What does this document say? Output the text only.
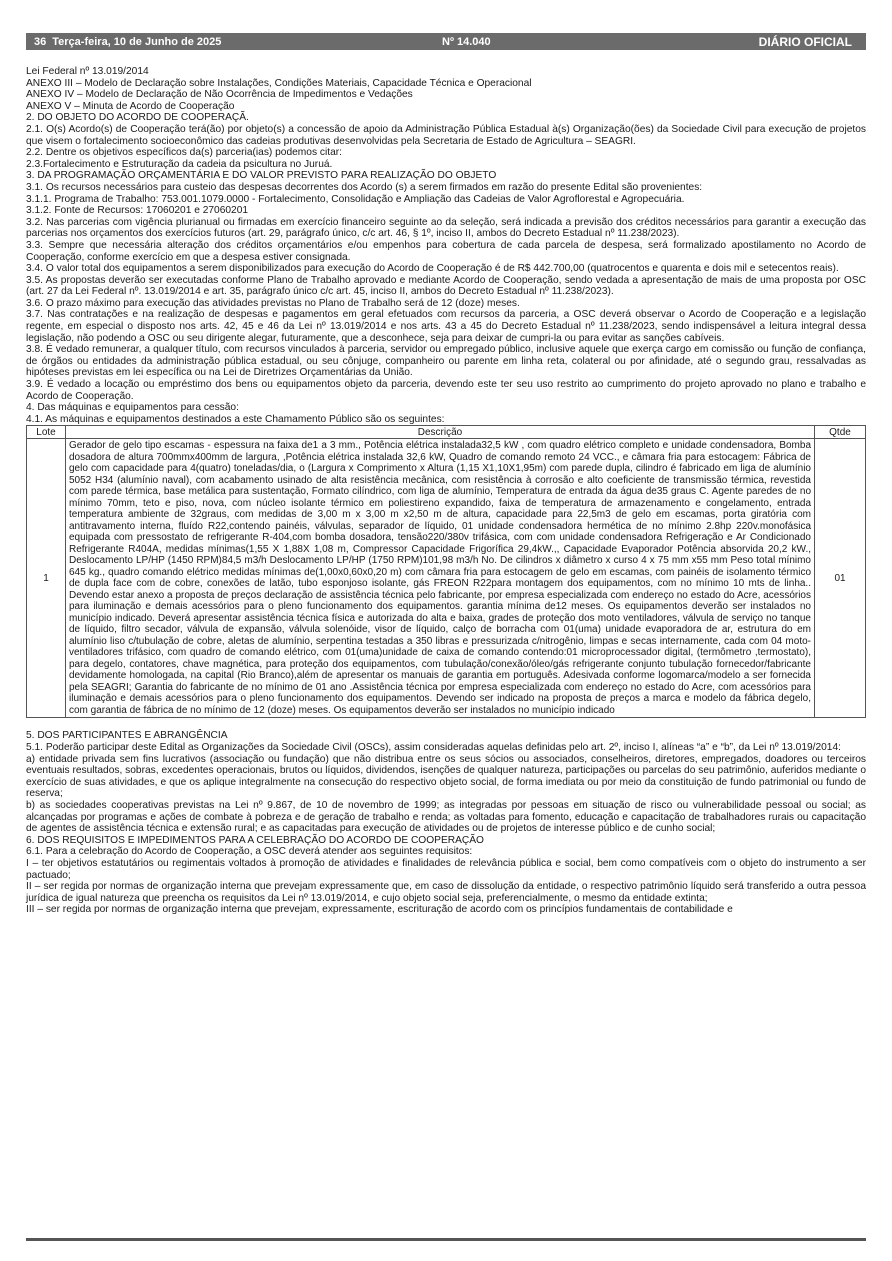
36 Terça-feira, 10 de Junho de 2025	Nº 14.040	DIÁRIO OFICIAL

Lei Federal nº 13.019/2014

ANEXO III – Modelo de Declaração sobre Instalações, Condições Materiais, Capacidade Técnica e Operacional

ANEXO IV – Modelo de Declaração de Não Ocorrência de Impedimentos e Vedações

ANEXO V – Minuta de Acordo de Cooperação

2. DO OBJETO DO ACORDO DE COOPERAÇÃ.

2.1. O(s) Acordo(s) de Cooperação terá(ão) por objeto(s) a concessão de apoio da Administração Pública Estadual à(s) Organização(ões) da Sociedade Civil para execução de projetos que visem o fortalecimento socioeconômico das cadeias produtivas desenvolvidas pela Secretaria de Estado de Agricultura – SEAGRI.

2.2. Dentre os objetivos específicos da(s) parceria(ias) podemos citar:

2.3.Fortalecimento e Estruturação da cadeia da psicultura no Juruá.

3. DA PROGRAMAÇÃO ORÇAMENTÁRIA E DO VALOR PREVISTO PARA REALIZAÇÃO DO OBJETO

3.1. Os recursos necessários para custeio das despesas decorrentes dos Acordo (s) a serem firmados em razão do presente Edital são provenientes:

3.1.1. Programa de Trabalho: 753.001.1079.0000 - Fortalecimento, Consolidação e Ampliação das Cadeias de Valor Agroflorestal e Agropecuária.

3.1.2. Fonte de Recursos: 17060201 e 27060201

3.2. Nas parcerias com vigência plurianual ou firmadas em exercício financeiro seguinte ao da seleção, será indicada a previsão dos créditos necessários para garantir a execução das parcerias nos orçamentos dos exercícios futuros (art. 29, parágrafo único, c/c art. 46, § 1º, inciso II, ambos do Decreto Estadual nº 11.238/2023).

3.3. Sempre que necessária alteração dos créditos orçamentários e/ou empenhos para cobertura de cada parcela de despesa, será formalizado apostilamento no Acordo de Cooperação, conforme exercício em que a despesa estiver consignada.

3.4. O valor total dos equipamentos a serem disponibilizados para execução do Acordo de Cooperação é de R$ 442.700,00 (quatrocentos e quarenta e dois mil e setecentos reais).

3.5. As propostas deverão ser executadas conforme Plano de Trabalho aprovado e mediante Acordo de Cooperação, sendo vedada a apresentação de mais de uma proposta por OSC (art. 27 da Lei Federal nº. 13.019/2014 e art. 35, parágrafo único c/c art. 45, inciso II, ambos do Decreto Estadual nº 11.238/2023).

3.6. O prazo máximo para execução das atividades previstas no Plano de Trabalho será de 12 (doze) meses.

3.7. Nas contratações e na realização de despesas e pagamentos em geral efetuados com recursos da parceria, a OSC deverá observar o Acordo de Cooperação e a legislação regente, em especial o disposto nos arts. 42, 45 e 46 da Lei nº 13.019/2014 e nos arts. 43 a 45 do Decreto Estadual nº 11.238/2023, sendo indispensável a leitura integral dessa legislação, não podendo a OSC ou seu dirigente alegar, futuramente, que a desconhece, seja para deixar de cumpri-la ou para evitar as sanções cabíveis.

3.8. É vedado remunerar, a qualquer título, com recursos vinculados à parceria, servidor ou empregado público, inclusive aquele que exerça cargo em comissão ou função de confiança, de órgãos ou entidades da administração pública estadual, ou seu cônjuge, companheiro ou parente em linha reta, colateral ou por afinidade, até o segundo grau, ressalvadas as hipóteses previstas em lei específica ou na Lei de Diretrizes Orçamentárias da União.

3.9. É vedado a locação ou empréstimo dos bens ou equipamentos objeto da parceria, devendo este ter seu uso restrito ao cumprimento do projeto aprovado no plano e trabalho e Acordo de Cooperação.

4. Das máquinas e equipamentos para cessão:

4.1. As máquinas e equipamentos destinados a este Chamamento Público são os seguintes:

Lote	Descrição	Qtde
1	Gerador de gelo tipo escamas - espessura na faixa de1 a 3 mm., Potência elétrica instalada32,5 kW , com quadro elétrico completo e unidade condensadora, Bomba dosadora de altura 700mmx400mm de largura, ,Potência elétrica instalada 32,6 kW, Quadro de comando remoto 24 VCC., e câmara fria para estocagem: Fábrica de gelo com capacidade para 4(quatro) toneladas/dia, o (Largura x Comprimento x Altura (1,15 X1,10X1,95m) com parede dupla, cilindro é fabricado em liga de alumínio 5052 H34 (alumínio naval), com acabamento usinado de alta resistência mecânica, com resistência à corrosão e alto coeficiente de transmissão térmica, revestida com parede térmica, base metálica para sustentação, Formato cilíndrico, com liga de alumínio, Temperatura de entrada da água de35 graus C. Agente paredes de no mínimo 70mm, teto e piso, nova, com núcleo isolante térmico em poliestireno expandido, faixa de temperatura de armazenamento e congelamento, entrada temperatura ambiente de 32graus, com medidas de 3,00 m x 3,00 m x2,50 m de altura, capacidade para 22,5m3 de gelo em escamas, porta giratória com antitravamento interna, fluído R22,contendo painéis, válvulas, separador de líquido, 01 unidade condensadora hermética de no mínimo 2.8hp 220v.monofásica equipada com pressostato de refrigerante R-404,com bomba dosadora, tensão220/380v trifásica, com com unidade condensadora Refrigeração e Ar Condicionado Refrigerante R404A, medidas mínimas(1,55 X 1,88X 1,08 m, Compressor Capacidade Frigorífica 29,4kW.,, Capacidade Evaporador Potência absorvida 20,2 kW., Deslocamento LP/HP (1450 RPM)84,5 m3/h Deslocamento LP/HP (1750 RPM)101,98 m3/h No. De cilindros x diâmetro x curso 4 x 75 mm x55 mm Peso total mínimo 645 kg., quadro comando elétrico medidas mínimas de(1,00x0,60x0,20 m) com câmara fria para estocagem de gelo em escamas, com painéis de isolamento térmico de dupla face com de cobre, conexões de latão, tubo esponjoso isolante, gás FREON R22para montagem dos equipamentos, com no mínimo 10 mts de linha.. Devendo estar anexo a proposta de preços declaração de assistência técnica pelo fabricante, por empresa especializada com endereço no estado do Acre, acessórios para iluminação e demais acessórios para o pleno funcionamento dos equipamentos. garantia mínima de12 meses. Os equipamentos deverão ser instalados no município indicado. Deverá apresentar assistência técnica física e autorizada do alta e baixa, grades de proteção dos moto ventiladores, válvula de serviço no tanque de líquido, filtro secador, válvula de expansão, válvula solenóide, visor de líquido, calço de borracha com 01(uma) unidade evaporadora de ar, estrutura do em alumínio liso c/tubulação de cobre, aletas de alumínio, serpentina testadas a 350 libras e pressurizada c/nitrogênio, limpas e secas internamente, cada com 04 moto-ventiladores trifásico, com quadro de comando elétrico, com 01(uma)unidade de caixa de comando contendo:01 microprocessador digital, (termômetro ,termostato), para degelo, contatores, chave magnética, para proteção dos equipamentos, com tubulação/conexão/óleo/gás refrigerante conjunto tubulação fornecedor/fabricante devidamente homologada, na capital (Rio Branco),além de apresentar os manuais de garantia em português. Adesivada conforme logomarca/modelo a ser fornecida pela SEAGRI; Garantia do fabricante de no mínimo de 01 ano .Assistência técnica por empresa especializada com endereço no estado do Acre, com acessórios para iluminação e demais acessórios para o pleno funcionamento dos equipamentos. Devendo ser indicado na proposta de preços a marca e modelo da fábrica degelo, com garantia de fábrica de no mínimo de 12 (doze) meses. Os equipamentos deverão ser instalados no município indicado	01

5. DOS PARTICIPANTES E ABRANGÊNCIA

5.1. Poderão participar deste Edital as Organizações da Sociedade Civil (OSCs), assim consideradas aquelas definidas pelo art. 2º, inciso I, alíneas “a” e “b”, da Lei nº 13.019/2014:

a) entidade privada sem fins lucrativos (associação ou fundação) que não distribua entre os seus sócios ou associados, conselheiros, diretores, empregados, doadores ou terceiros eventuais resultados, sobras, excedentes operacionais, brutos ou líquidos, dividendos, isenções de qualquer natureza, participações ou parcelas do seu patrimônio, auferidos mediante o exercício de suas atividades, e que os aplique integralmente na consecução do respectivo objeto social, de forma imediata ou por meio da constituição de fundo patrimonial ou fundo de reserva;

b) as sociedades cooperativas previstas na Lei nº 9.867, de 10 de novembro de 1999; as integradas por pessoas em situação de risco ou vulnerabilidade pessoal ou social; as alcançadas por programas e ações de combate à pobreza e de geração de trabalho e renda; as voltadas para fomento, educação e capacitação de trabalhadores rurais ou capacitação de agentes de assistência técnica e extensão rural; e as capacitadas para execução de atividades ou de projetos de interesse público e de cunho social;

6. DOS REQUISITOS E IMPEDIMENTOS PARA A CELEBRAÇÃO DO ACORDO DE COOPERAÇÃO

6.1. Para a celebração do Acordo de Cooperação, a OSC deverá atender aos seguintes requisitos:

I – ter objetivos estatutários ou regimentais voltados à promoção de atividades e finalidades de relevância pública e social, bem como compatíveis com o objeto do instrumento a ser pactuado;

II – ser regida por normas de organização interna que prevejam expressamente que, em caso de dissolução da entidade, o respectivo patrimônio líquido será transferido a outra pessoa jurídica de igual natureza que preencha os requisitos da Lei nº 13.019/2014, e cujo objeto social seja, preferencialmente, o mesmo da entidade extinta;

III – ser regida por normas de organização interna que prevejam, expressamente, escrituração de acordo com os princípios fundamentais de contabilidade e
